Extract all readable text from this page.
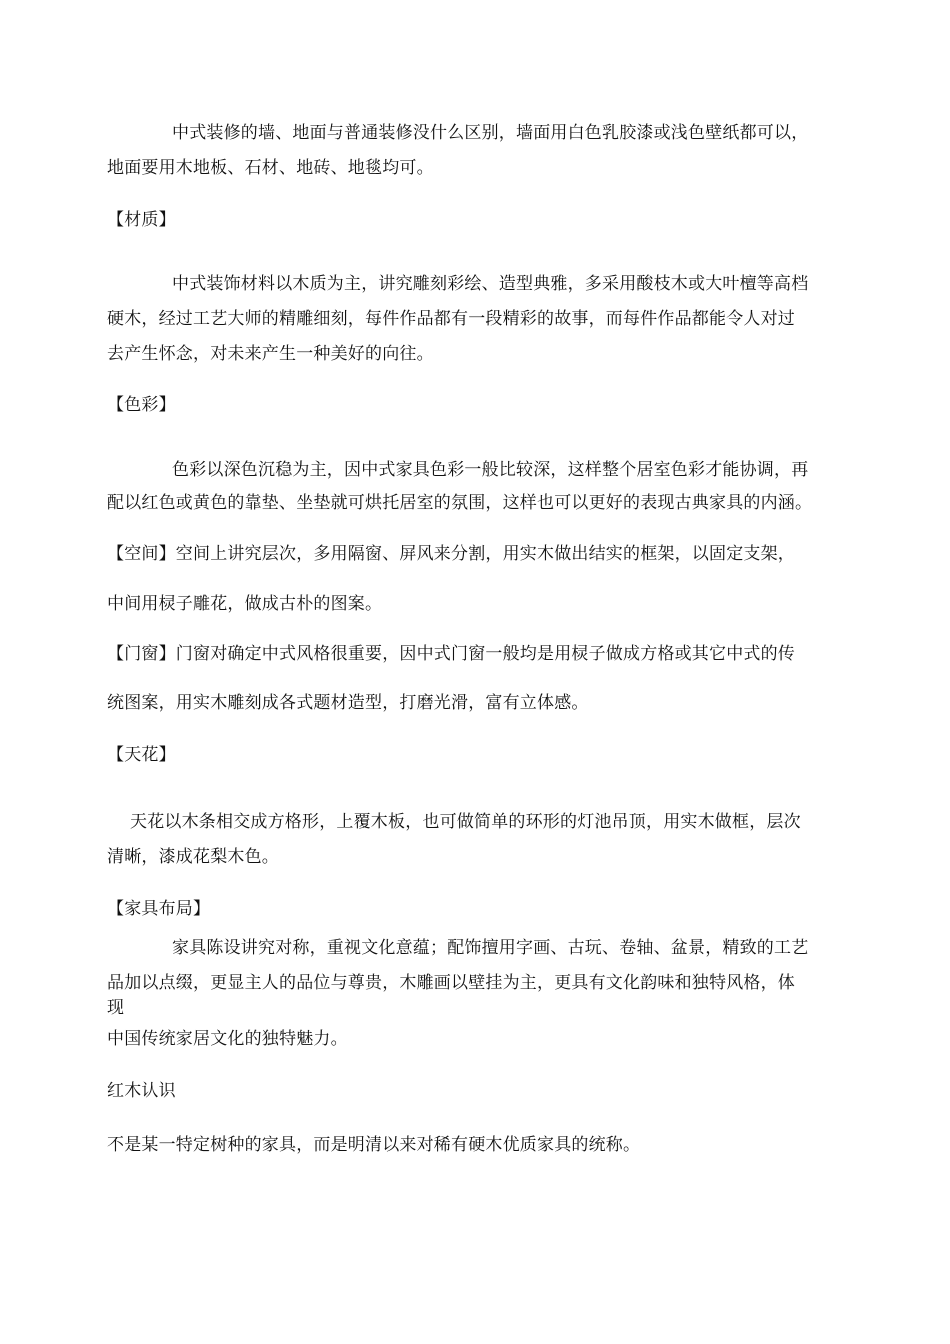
中式装修的墙、地面与普通装修没什么区别，墙面用白色乳胶漆或浅色壁纸都可以，
地面要用木地板、石材、地砖、地毯均可。
【材质】
中式装饰材料以木质为主，讲究雕刻彩绘、造型典雅，多采用酸枝木或大叶檀等高档
硬木，经过工艺大师的精雕细刻，每件作品都有一段精彩的故事，而每件作品都能令人对过
去产生怀念，对未来产生一种美好的向往。
【色彩】
色彩以深色沉稳为主，因中式家具色彩一般比较深，这样整个居室色彩才能协调，再
配以红色或黄色的靠垫、坐垫就可烘托居室的氛围，这样也可以更好的表现古典家具的内涵。
【空间】空间上讲究层次，多用隔窗、屏风来分割，用实木做出结实的框架，以固定支架，
中间用棂子雕花，做成古朴的图案。
【门窗】门窗对确定中式风格很重要，因中式门窗一般均是用棂子做成方格或其它中式的传
统图案，用实木雕刻成各式题材造型，打磨光滑，富有立体感。
【天花】
天花以木条相交成方格形，上覆木板，也可做简单的环形的灯池吊顶，用实木做框，层次
清晰，漆成花梨木色。
【家具布局】
家具陈设讲究对称，重视文化意蕴；配饰擅用字画、古玩、卷轴、盆景，精致的工艺
品加以点缀，更显主人的品位与尊贵，木雕画以壁挂为主，更具有文化韵味和独特风格，体
现
中国传统家居文化的独特魅力。
红木认识
不是某一特定树种的家具，而是明清以来对稀有硬木优质家具的统称。
